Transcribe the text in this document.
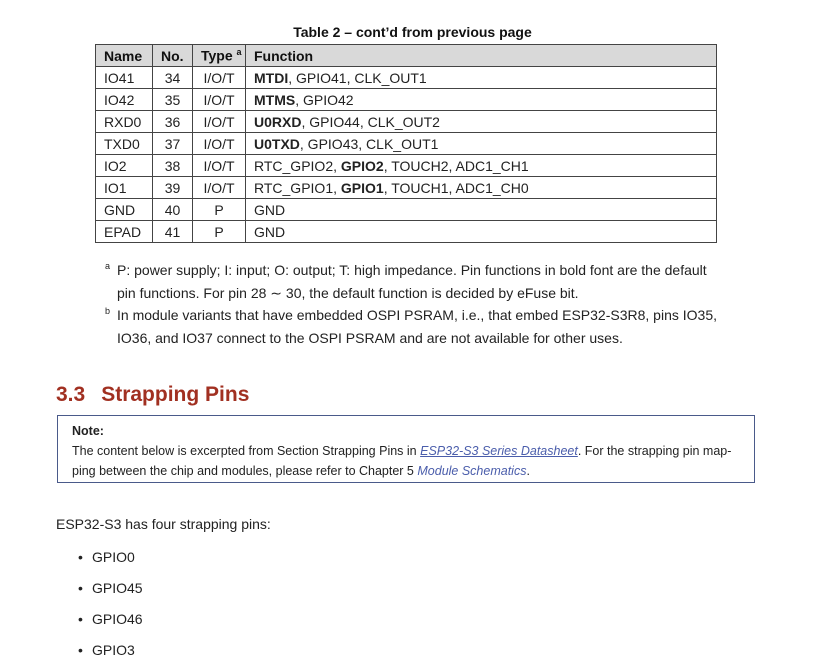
Table 2 – cont’d from previous page
Name	No.	Type $^a$	Function
IO41	34	I/O/T	MTDI, GPIO41, CLK_OUT1
IO42	35	I/O/T	MTMS, GPIO42
RXD0	36	I/O/T	U0RXD, GPIO44, CLK_OUT2
TXD0	37	I/O/T	U0TXD, GPIO43, CLK_OUT1
IO2	38	I/O/T	RTC_GPIO2, GPIO2, TOUCH2, ADC1_CH1
IO1	39	I/O/T	RTC_GPIO1, GPIO1, TOUCH1, ADC1_CH0
GND	40	P	GND
EPAD	41	P	GND
a P: power supply; I: input; O: output; T: high impedance. Pin functions in bold font are the default pin functions. For pin 28 ∼ 30, the default function is decided by eFuse bit.
b In module variants that have embedded OSPI PSRAM, i.e., that embed ESP32-S3R8, pins IO35, IO36, and IO37 connect to the OSPI PSRAM and are not available for other uses.
3.3 Strapping Pins
Note:
The content below is excerpted from Section Strapping Pins in ESP32-S3 Series Datasheet. For the strapping pin map-ping between the chip and modules, please refer to Chapter 5 Module Schematics.
ESP32-S3 has four strapping pins:
• GPIO0
• GPIO45
• GPIO46
• GPIO3
